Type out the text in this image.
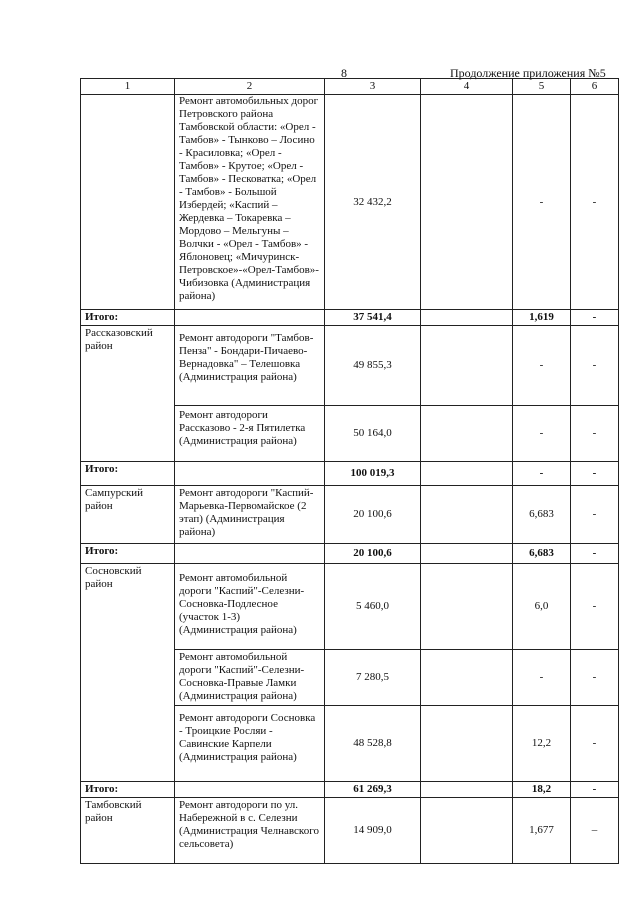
8	Продолжение приложения №5
1	2	3	4	5	6
	Ремонт автомобильных дорог Петровского района Тамбовской области: «Орел - Тамбов» - Тынково – Лосино - Красиловка; «Орел - Тамбов» - Крутое; «Орел - Тамбов» - Песковатка; «Орел - Тамбов» - Большой Избердей; «Каспий – Жердевка – Токаревка – Мордово – Мельгуны – Волчки - «Орел - Тамбов» - Яблоновец; «Мичуринск-Петровское»-«Орел-Тамбов»-Чибизовка (Администрация района)	32 432,2		-	-
Итого:		37 541,4		1,619	-
Рассказовский район	Ремонт автодороги "Тамбов-Пенза" - Бондари-Пичаево-Вернадовка" – Телешовка (Администрация района)	49 855,3		-	-
	Ремонт автодороги Рассказово - 2-я Пятилетка (Администрация района)	50 164,0		-	-
Итого:		100 019,3		-	-
Сампурский район	Ремонт автодороги "Каспий-Марьевка-Первомайское (2 этап) (Администрация района)	20 100,6		6,683	-
Итого:		20 100,6		6,683	-
Сосновский район	Ремонт автомобильной дороги "Каспий"-Селезни-Сосновка-Подлесное (участок 1-3) (Администрация района)	5 460,0		6,0	-
	Ремонт автомобильной дороги "Каспий"-Селезни-Сосновка-Правые Ламки (Администрация района)	7 280,5		-	-
	Ремонт автодороги Сосновка - Троицкие Росляи - Савинские Карпели (Администрация района)	48 528,8		12,2	-
Итого:		61 269,3		18,2	-
Тамбовский район	Ремонт автодороги по ул. Набережной в с. Селезни (Администрация Челнавского сельсовета)	14 909,0		1,677	–
